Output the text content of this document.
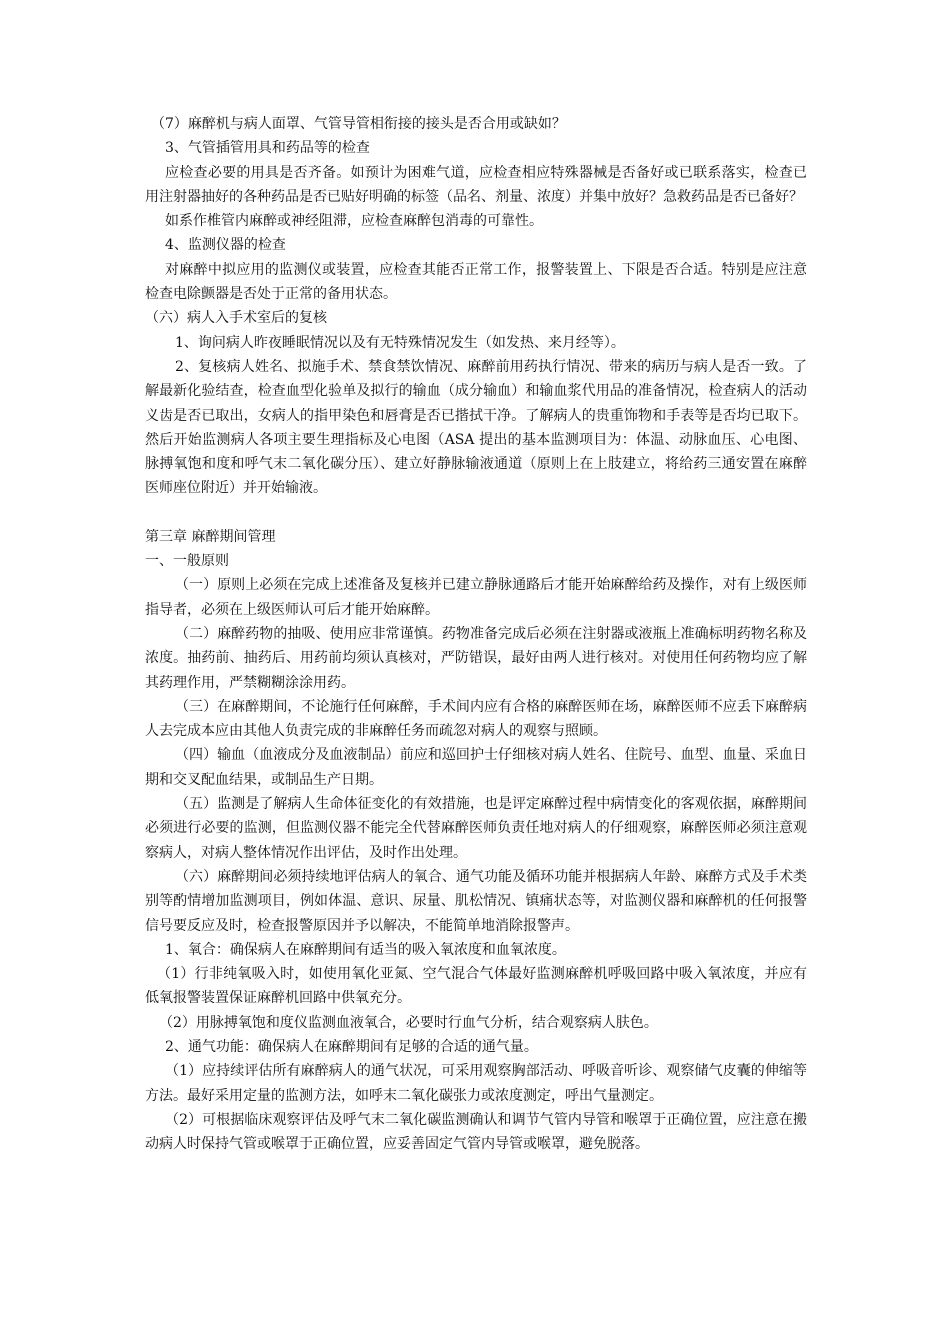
（7）麻醉机与病人面罩、气管导管相衔接的接头是否合用或缺如？

3、气管插管用具和药品等的检查

应检查必要的用具是否齐备。如预计为困难气道，应检查相应特殊器械是否备好或已联系落实，检查已用注射器抽好的各种药品是否已贴好明确的标签（品名、剂量、浓度）并集中放好？急救药品是否已备好？

如系作椎管内麻醉或神经阻滞，应检查麻醉包消毒的可靠性。

4、监测仪器的检查

对麻醉中拟应用的监测仪或装置，应检查其能否正常工作，报警装置上、下限是否合适。特别是应注意检查电除颤器是否处于正常的备用状态。

（六）病人入手术室后的复核

1、询问病人昨夜睡眠情况以及有无特殊情况发生（如发热、来月经等）。

2、复核病人姓名、拟施手术、禁食禁饮情况、麻醉前用药执行情况、带来的病历与病人是否一致。了解最新化验结查，检查血型化验单及拟行的输血（成分输血）和输血浆代用品的准备情况，检查病人的活动义齿是否已取出，女病人的指甲染色和唇膏是否已揩拭干净。了解病人的贵重饰物和手表等是否均已取下。然后开始监测病人各项主要生理指标及心电图（ASA 提出的基本监测项目为：体温、动脉血压、心电图、脉搏氧饱和度和呼气末二氧化碳分压）、建立好静脉输液通道（原则上在上肢建立，将给药三通安置在麻醉医师座位附近）并开始输液。

第三章 麻醉期间管理

一、一般原则

（一）原则上必须在完成上述准备及复核并已建立静脉通路后才能开始麻醉给药及操作，对有上级医师指导者，必须在上级医师认可后才能开始麻醉。

（二）麻醉药物的抽吸、使用应非常谨慎。药物准备完成后必须在注射器或液瓶上准确标明药物名称及浓度。抽药前、抽药后、用药前均须认真核对，严防错误，最好由两人进行核对。对使用任何药物均应了解其药理作用，严禁糊糊涂涂用药。

（三）在麻醉期间，不论施行任何麻醉，手术间内应有合格的麻醉医师在场，麻醉医师不应丢下麻醉病人去完成本应由其他人负责完成的非麻醉任务而疏忽对病人的观察与照顾。

（四）输血（血液成分及血液制品）前应和巡回护士仔细核对病人姓名、住院号、血型、血量、采血日期和交叉配血结果，或制品生产日期。

（五）监测是了解病人生命体征变化的有效措施，也是评定麻醉过程中病情变化的客观依据，麻醉期间必须进行必要的监测，但监测仪器不能完全代替麻醉医师负责任地对病人的仔细观察，麻醉医师必须注意观察病人，对病人整体情况作出评估，及时作出处理。

（六）麻醉期间必须持续地评估病人的氧合、通气功能及循环功能并根据病人年龄、麻醉方式及手术类别等酌情增加监测项目，例如体温、意识、尿量、肌松情况、镇痛状态等，对监测仪器和麻醉机的任何报警信号要反应及时，检查报警原因并予以解决，不能简单地消除报警声。

1、氧合：确保病人在麻醉期间有适当的吸入氧浓度和血氧浓度。

（1）行非纯氧吸入时，如使用氧化亚氮、空气混合气体最好监测麻醉机呼吸回路中吸入氧浓度，并应有低氧报警装置保证麻醉机回路中供氧充分。

（2）用脉搏氧饱和度仪监测血液氧合，必要时行血气分析，结合观察病人肤色。

2、通气功能：确保病人在麻醉期间有足够的合适的通气量。

（1）应持续评估所有麻醉病人的通气状况，可采用观察胸部活动、呼吸音听诊、观察储气皮囊的伸缩等方法。最好采用定量的监测方法，如呼末二氧化碳张力或浓度测定，呼出气量测定。

（2）可根据临床观察评估及呼气末二氧化碳监测确认和调节气管内导管和喉罩于正确位置，应注意在搬动病人时保持气管或喉罩于正确位置，应妥善固定气管内导管或喉罩，避免脱落。
